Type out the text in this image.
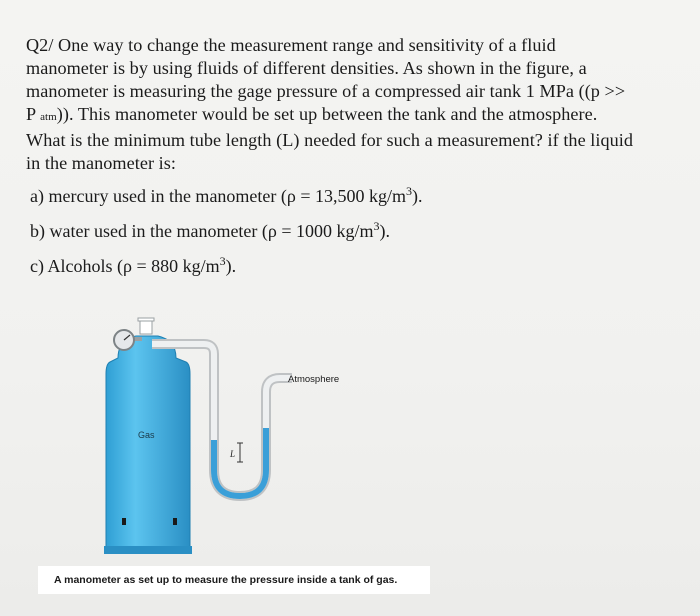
Q2/ One way to change the measurement range and sensitivity of a fluid

manometer is by using fluids of different densities. As shown in the figure, a

manometer is measuring the gage pressure of a compressed air tank 1 MPa ((p >>

P atm)). This manometer would be set up between the tank and the atmosphere.

What is the minimum tube length (L) needed for such a measurement? if the liquid

in the manometer is:

a) mercury used in the manometer (ρ = 13,500 $kg/m^3$).
b) water used in the manometer (ρ = 1000 $kg/m^3$).
c) Alcohols (ρ = 880 $kg/m^3$).
Gas
L
Atmosphere
A manometer as set up to measure the pressure inside a tank of gas.
